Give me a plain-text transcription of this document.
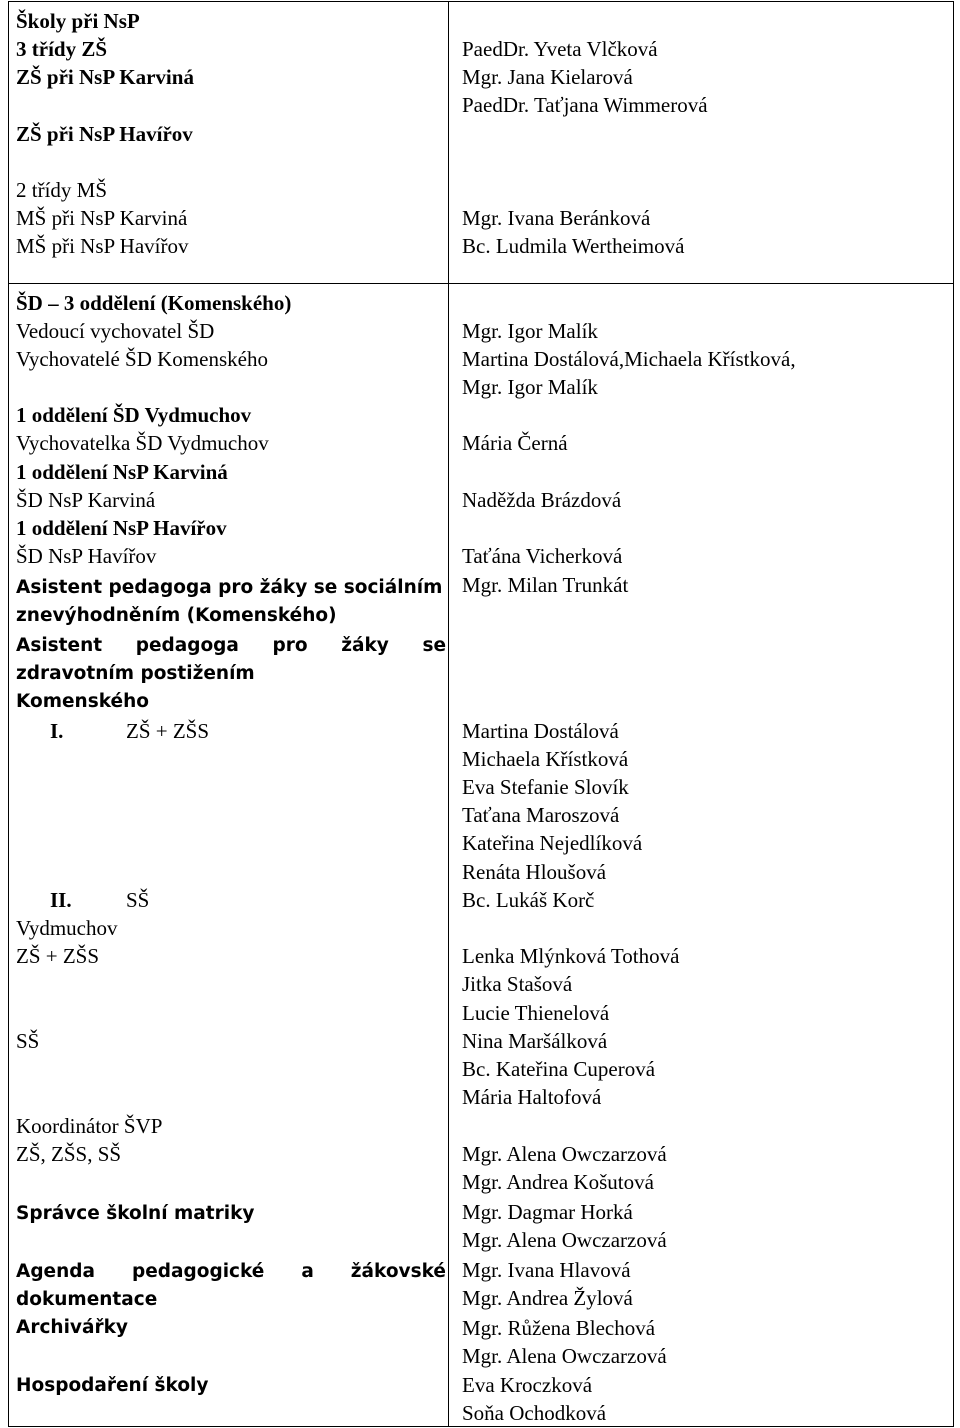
Školy při NsP
3 třídy ZŠ
ZŠ při NsP Karviná
ZŠ při NsP Havířov
2 třídy MŠ
MŠ při NsP Karviná
MŠ při NsP Havířov
PaedDr. Yveta Vlčková
Mgr. Jana Kielarová
PaedDr. Taťjana Wimmerová
Mgr. Ivana Beránková
Bc. Ludmila Wertheimová
ŠD – 3 oddělení (Komenského)
Vedoucí vychovatel ŠD
Vychovatelé ŠD Komenského
1 oddělení ŠD Vydmuchov
Vychovatelka ŠD Vydmuchov
1 oddělení NsP Karviná
ŠD NsP Karviná
1 oddělení NsP Havířov
ŠD NsP Havířov
Asistent pedagoga pro žáky se sociálním
znevýhodněním (Komenského)
Asistent pedagoga pro žáky se
zdravotním postižením
Komenského
I.	ZŠ + ZŠS
II.	SŠ
Vydmuchov
ZŠ + ZŠS
SŠ
Koordinátor ŠVP
ZŠ, ZŠS, SŠ
Správce školní matriky
Agenda pedagogické a žákovské
dokumentace
Archivářky
Hospodaření školy
Mgr. Igor Malík
Martina Dostálová,Michaela Křístková,
Mgr. Igor Malík
Mária Černá
Naděžda Brázdová
Taťána Vicherková
Mgr. Milan Trunkát
Martina Dostálová
Michaela Křístková
Eva Stefanie Slovík
Taťana Maroszová
Kateřina Nejedlíková
Renáta Hloušová
Bc. Lukáš Korč
Lenka Mlýnková Tothová
Jitka Stašová
Lucie Thienelová
Nina Maršálková
Bc. Kateřina Cuperová
Mária Haltofová
Mgr. Alena Owczarzová
Mgr. Andrea Košutová
Mgr. Dagmar Horká
Mgr. Alena Owczarzová
Mgr. Ivana Hlavová
Mgr. Andrea Žylová
Mgr. Růžena Blechová
Mgr. Alena Owczarzová
Eva Kroczková
Soňa Ochodková
